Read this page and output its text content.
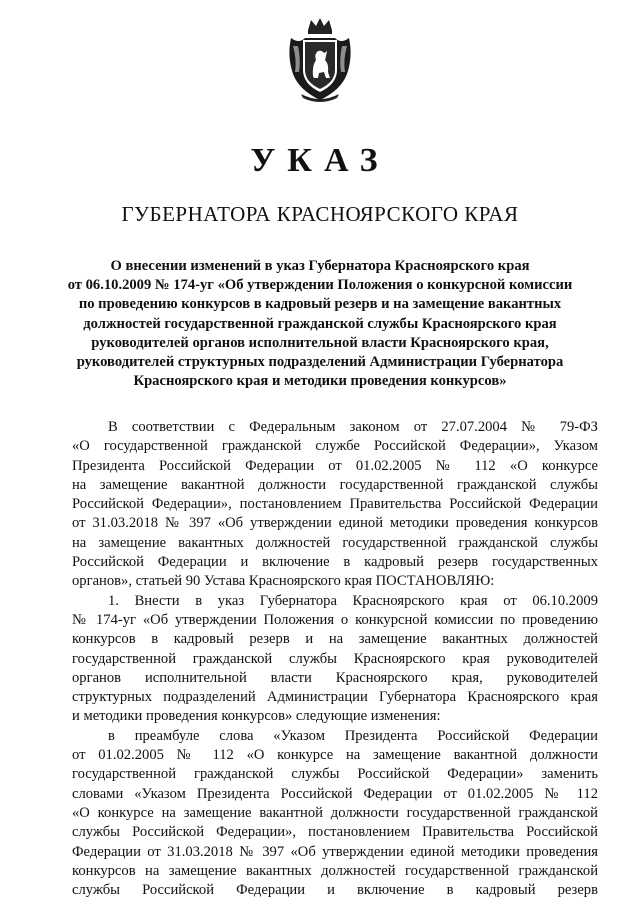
УКАЗ
ГУБЕРНАТОРА КРАСНОЯРСКОГО КРАЯ
О внесении изменений в указ Губернатора Красноярского края
от 06.10.2009 № 174-уг «Об утверждении Положения о конкурсной комиссии
по проведению конкурсов в кадровый резерв и на замещение вакантных
должностей государственной гражданской службы Красноярского края
руководителей органов исполнительной власти Красноярского края,
руководителей структурных подразделений Администрации Губернатора
Красноярского края и методики проведения конкурсов»
В соответствии с Федеральным законом от 27.07.2004 № 79-ФЗ
«О государственной гражданской службе Российской Федерации», Указом
Президента Российской Федерации от 01.02.2005 № 112 «О конкурсе
на замещение вакантной должности государственной гражданской службы
Российской Федерации», постановлением Правительства Российской Федерации
от 31.03.2018 № 397 «Об утверждении единой методики проведения конкурсов
на замещение вакантных должностей государственной гражданской службы
Российской Федерации и включение в кадровый резерв государственных
органов», статьей 90 Устава Красноярского края ПОСТАНОВЛЯЮ:
1. Внести в указ Губернатора Красноярского края от 06.10.2009
№ 174-уг «Об утверждении Положения о конкурсной комиссии по проведению
конкурсов в кадровый резерв и на замещение вакантных должностей
государственной гражданской службы Красноярского края руководителей
органов исполнительной власти Красноярского края, руководителей
структурных подразделений Администрации Губернатора Красноярского края
и методики проведения конкурсов» следующие изменения:
в преамбуле слова «Указом Президента Российской Федерации
от 01.02.2005 № 112 «О конкурсе на замещение вакантной должности
государственной гражданской службы Российской Федерации» заменить
словами «Указом Президента Российской Федерации от 01.02.2005 № 112
«О конкурсе на замещение вакантной должности государственной гражданской
службы Российской Федерации», постановлением Правительства Российской
Федерации от 31.03.2018 № 397 «Об утверждении единой методики проведения
конкурсов на замещение вакантных должностей государственной гражданской
службы Российской Федерации и включение в кадровый резерв
